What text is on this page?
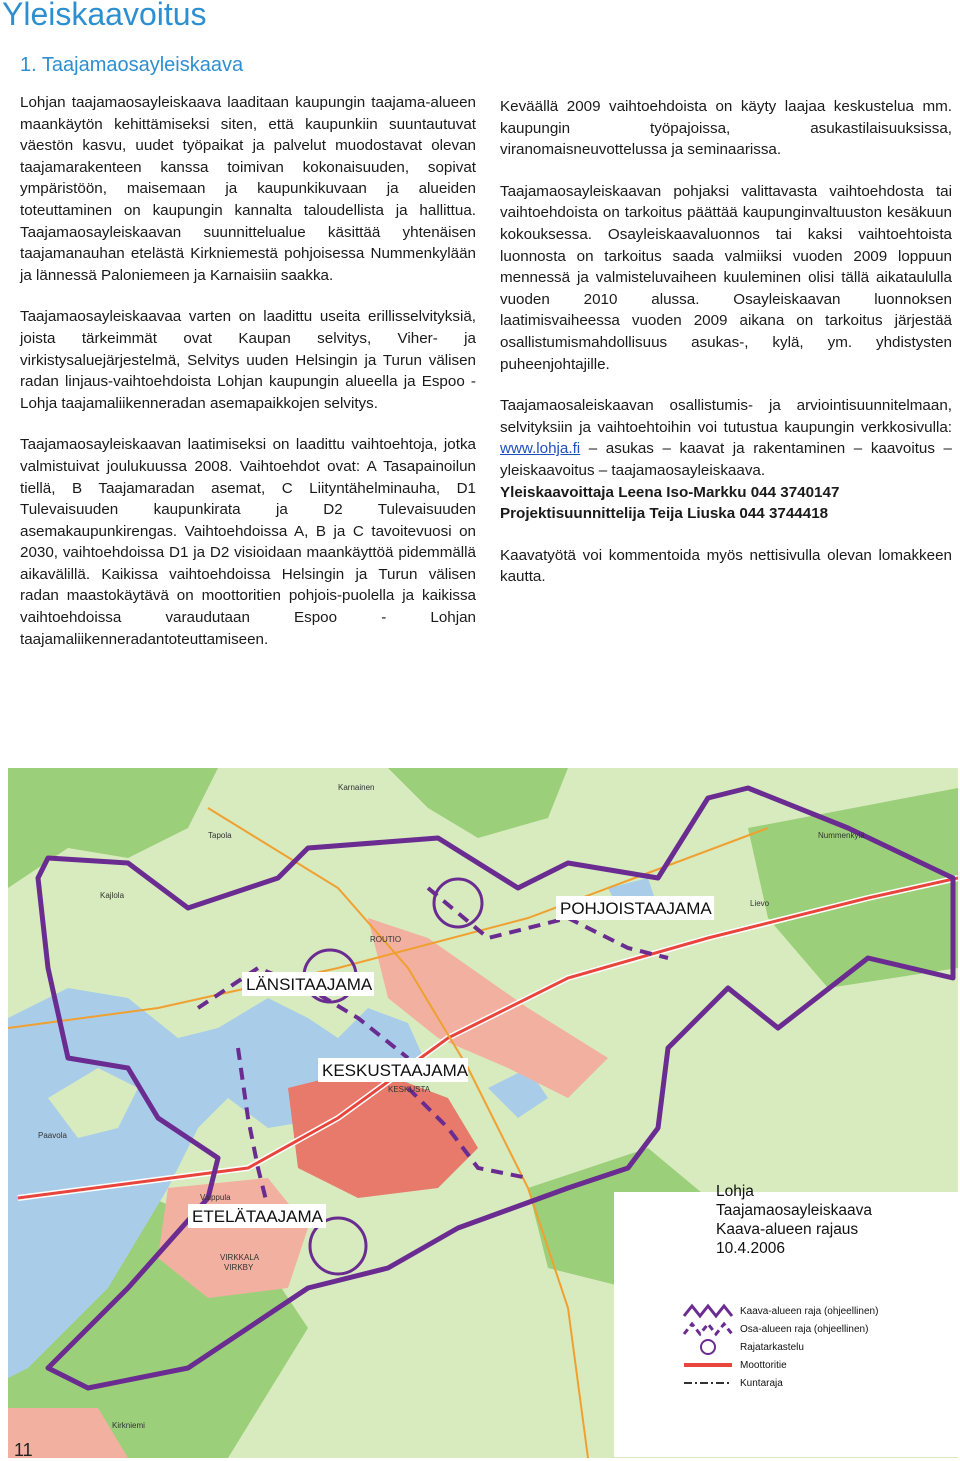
Yleiskaavoitus
1. Taajamaosayleiskaava

Lohjan taajamaosayleiskaava laaditaan kaupungin taajama-alueen maankäytön kehittämiseksi siten, että kaupunkiin suuntautuvat väestön kasvu, uudet työpaikat ja palvelut muodostavat olevan taajamarakenteen kanssa toimivan kokonaisuuden, sopivat ympäristöön, maisemaan ja kaupunkikuvaan ja alueiden toteuttaminen on kaupungin kannalta taloudellista ja hallittua. Taajamaosayleiskaavan suunnittelualue käsittää yhtenäisen taajamanauhan etelästä Kirkniemestä pohjoisessa Nummenkylään ja lännessä Paloniemeen ja Karnaisiin saakka.

Taajamaosayleiskaavaa varten on laadittu useita erillisselvityksiä, joista tärkeimmät ovat Kaupan selvitys, Viher- ja virkistysaluejärjestelmä, Selvitys uuden Helsingin ja Turun välisen radan linjaus-vaihtoehdoista Lohjan kaupungin alueella ja Espoo - Lohja taajamaliikenneradan asemapaikkojen selvitys.

Taajamaosayleiskaavan laatimiseksi on laadittu vaihtoehtoja, jotka valmistuivat joulukuussa 2008. Vaihtoehdot ovat: A Tasapainoilun tiellä, B Taajamaradan asemat, C Liityntähelminauha, D1 Tulevaisuuden kaupunkirata ja D2 Tulevaisuuden asemakaupunkirengas. Vaihtoehdoissa A, B ja C tavoitevuosi on 2030, vaihtoehdoissa D1 ja D2 visioidaan maankäyttöä pidemmällä aikavälillä. Kaikissa vaihtoehdoissa Helsingin ja Turun välisen radan maastokäytävä on moottoritien pohjois-puolella ja kaikissa vaihtoehdoissa varaudutaan Espoo - Lohjan taajamaliikenneradantoteuttamiseen.

Keväällä 2009 vaihtoehdoista on käyty laajaa keskustelua mm. kaupungin työpajoissa, asukastilaisuuksissa, viranomaisneuvottelussa ja seminaarissa.

Taajamaosayleiskaavan pohjaksi valittavasta vaihtoehdosta tai vaihtoehdoista on tarkoitus päättää kaupunginvaltuuston kesäkuun kokouksessa. Osayleiskaavaluonnos tai kaksi vaihtoehtoista luonnosta on tarkoitus saada valmiiksi vuoden 2009 loppuun mennessä ja valmisteluvaiheen kuuleminen olisi tällä aikataululla vuoden 2010 alussa. Osayleiskaavan luonnoksen laatimisvaiheessa vuoden 2009 aikana on tarkoitus järjestää osallistumismahdollisuus asukas-, kylä, ym. yhdistysten puheenjohtajille.

Taajamaosaleiskaavan osallistumis- ja arviointisuunnitelmaan, selvityksiin ja vaihtoehtoihin voi tutustua kaupungin verkkosivulla: www.lohja.fi – asukas – kaavat ja rakentaminen – kaavoitus – yleiskaavoitus – taajamaosayleiskaava.

Yleiskaavoittaja Leena Iso-Markku 044 3740147

Projektisuunnittelija Teija Liuska 044 3744418

Kaavatyötä voi kommentoida myös nettisivulla olevan lomakkeen kautta.

POHJOISTAAJAMA
LÄNSITAAJAMA
KESKUSTAAJAMA
ETELÄTAAJAMA
Karnainen
Tapola
Kajlola
ROUTIO
Paavola
Vaippula
VIRKKALA
VIRKBY
Kirkniemi
Nummenkylä
Lievo
KESKUSTA
Lohja
Taajamaosayleiskaava
Kaava-alueen rajaus
10.4.2006
Kaava-alueen raja (ohjeellinen)
Osa-alueen raja (ohjeellinen)
Rajatarkastelu
Moottoritie
Kuntaraja
11
